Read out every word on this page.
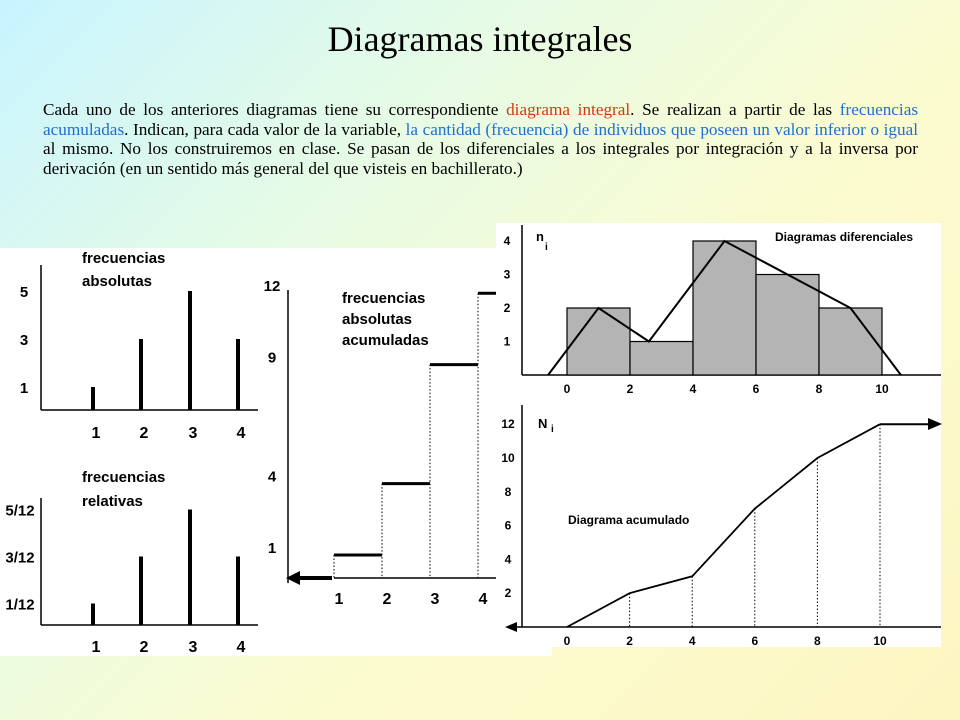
Diagramas integrales
Cada uno de los anteriores diagramas tiene su correspondiente diagrama integral. Se realizan a partir de las frecuencias acumuladas. Indican, para cada valor de la variable, la cantidad (frecuencia) de individuos que poseen un valor inferior o igual al mismo. No los construiremos en clase. Se pasan de los diferenciales a los integrales por integración y a la inversa por derivación (en un sentido más general del que visteis en bachillerato.)
frecuencias
absolutas
1 2	3 4
1
3
5
frecuencias
relativas
1 2	3 4
1/12
3/12
5/12
frecuencias
absolutas
acumuladas
1
4
9
12
1 2 3 4
Diagramas diferenciales
n
i
1
2
3
4
0	2	4	6	8	10
Diagrama acumulado
N i
2
4
6
8
10
12
0	2	4	6	8	10
